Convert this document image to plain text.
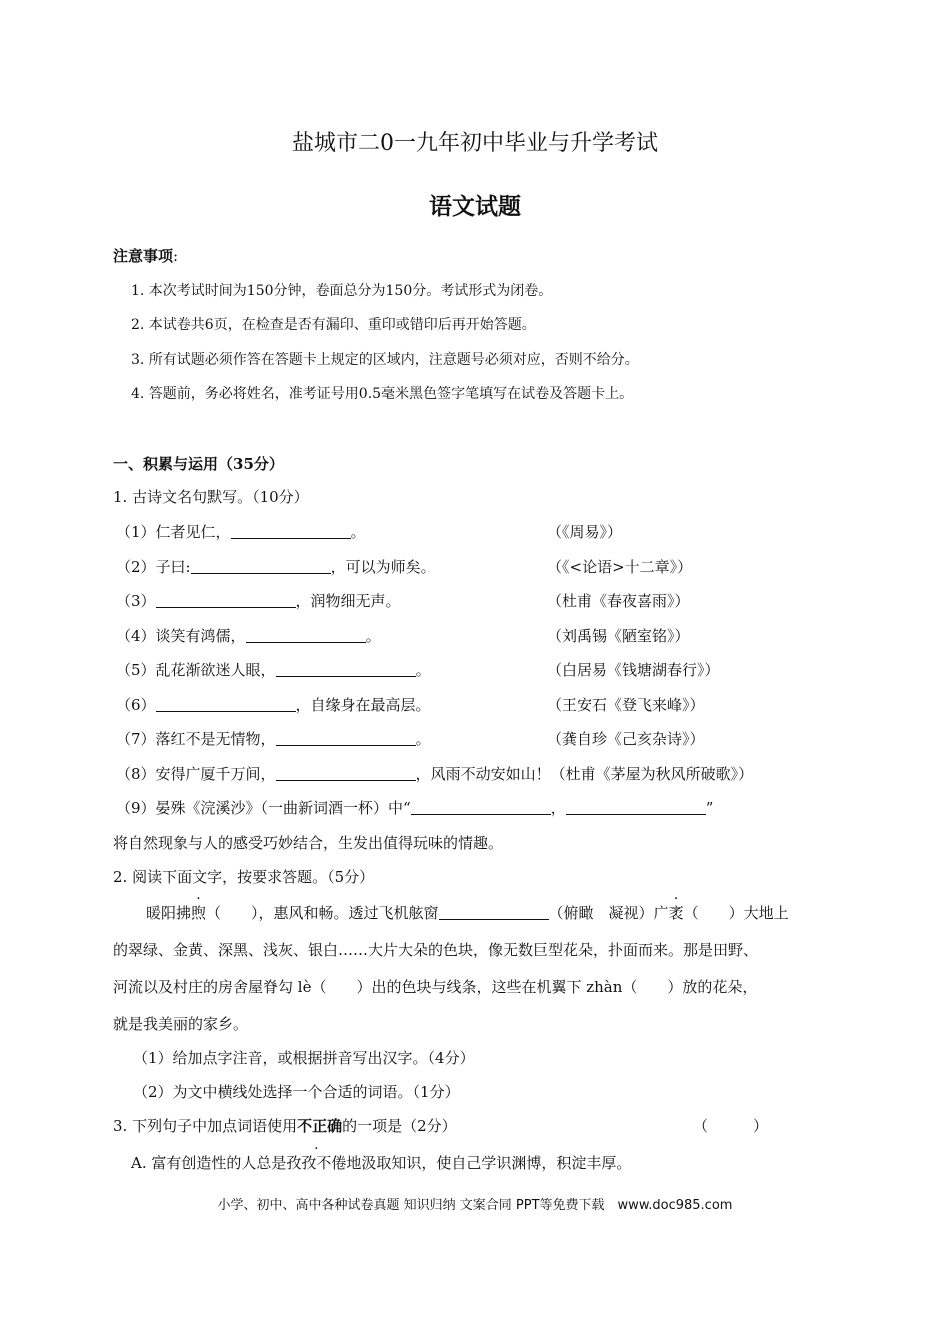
盐城市二0一九年初中毕业与升学考试
语文试题
注意事项:
1. 本次考试时间为150分钟，卷面总分为150分。考试形式为闭卷。
2. 本试卷共6页，在检查是否有漏印、重印或错印后再开始答题。
3. 所有试题必须作答在答题卡上规定的区域内，注意题号必须对应，否则不给分。
4. 答题前，务必将姓名，准考证号用0.5毫米黑色签字笔填写在试卷及答题卡上。
一、积累与运用（35分）
1. 古诗文名句默写。（10分）
（1）仁者见仁，	。	（《周易》）
（2）子曰:	，可以为师矣。	（《<论语>十二章》）
（3）	，润物细无声。	（杜甫《春夜喜雨》）
（4）谈笑有鸿儒，	。	（刘禹锡《陋室铭》）
（5）乱花渐欲迷人眼，	。	（白居易《钱塘湖春行》）
（6）	，自缘身在最高层。	（王安石《登飞来峰》）
（7）落红不是无情物，	。	（龚自珍《己亥杂诗》）
（8）安得广厦千万间，	，风雨不动安如山！（杜甫《茅屋为秋风所破歌》）
（9）晏殊《浣溪沙》（一曲新词酒一杯）中“	，	”
将自然现象与人的感受巧妙结合，生发出值得玩味的情趣。
2. 阅读下面文字，按要求答题。（5分）
暖阳拂煦（　　），惠风和畅。透过飞机舷窗	（俯瞰　凝视）广袤（　　）大地上
的翠绿、金黄、深黑、浅灰、银白……大片大朵的色块，像无数巨型花朵，扑面而来。那是田野、
河流以及村庄的房舍屋脊勾 lè（　　）出的色块与线条，这些在机翼下 zhàn（　　）放的花朵，
就是我美丽的家乡。
（1）给加点字注音，或根据拼音写出汉字。（4分）
（2）为文中横线处选择一个合适的词语。（1分）
3. 下列句子中加点词语使用不正确的一项是（2分）	（　　　）
A. 富有创造性的人总是孜孜不倦地汲取知识，使自己学识渊博，积淀丰厚。
小学、初中、高中各种试卷真题 知识归纳 文案合同 PPT等免费下载　www.doc985.com
